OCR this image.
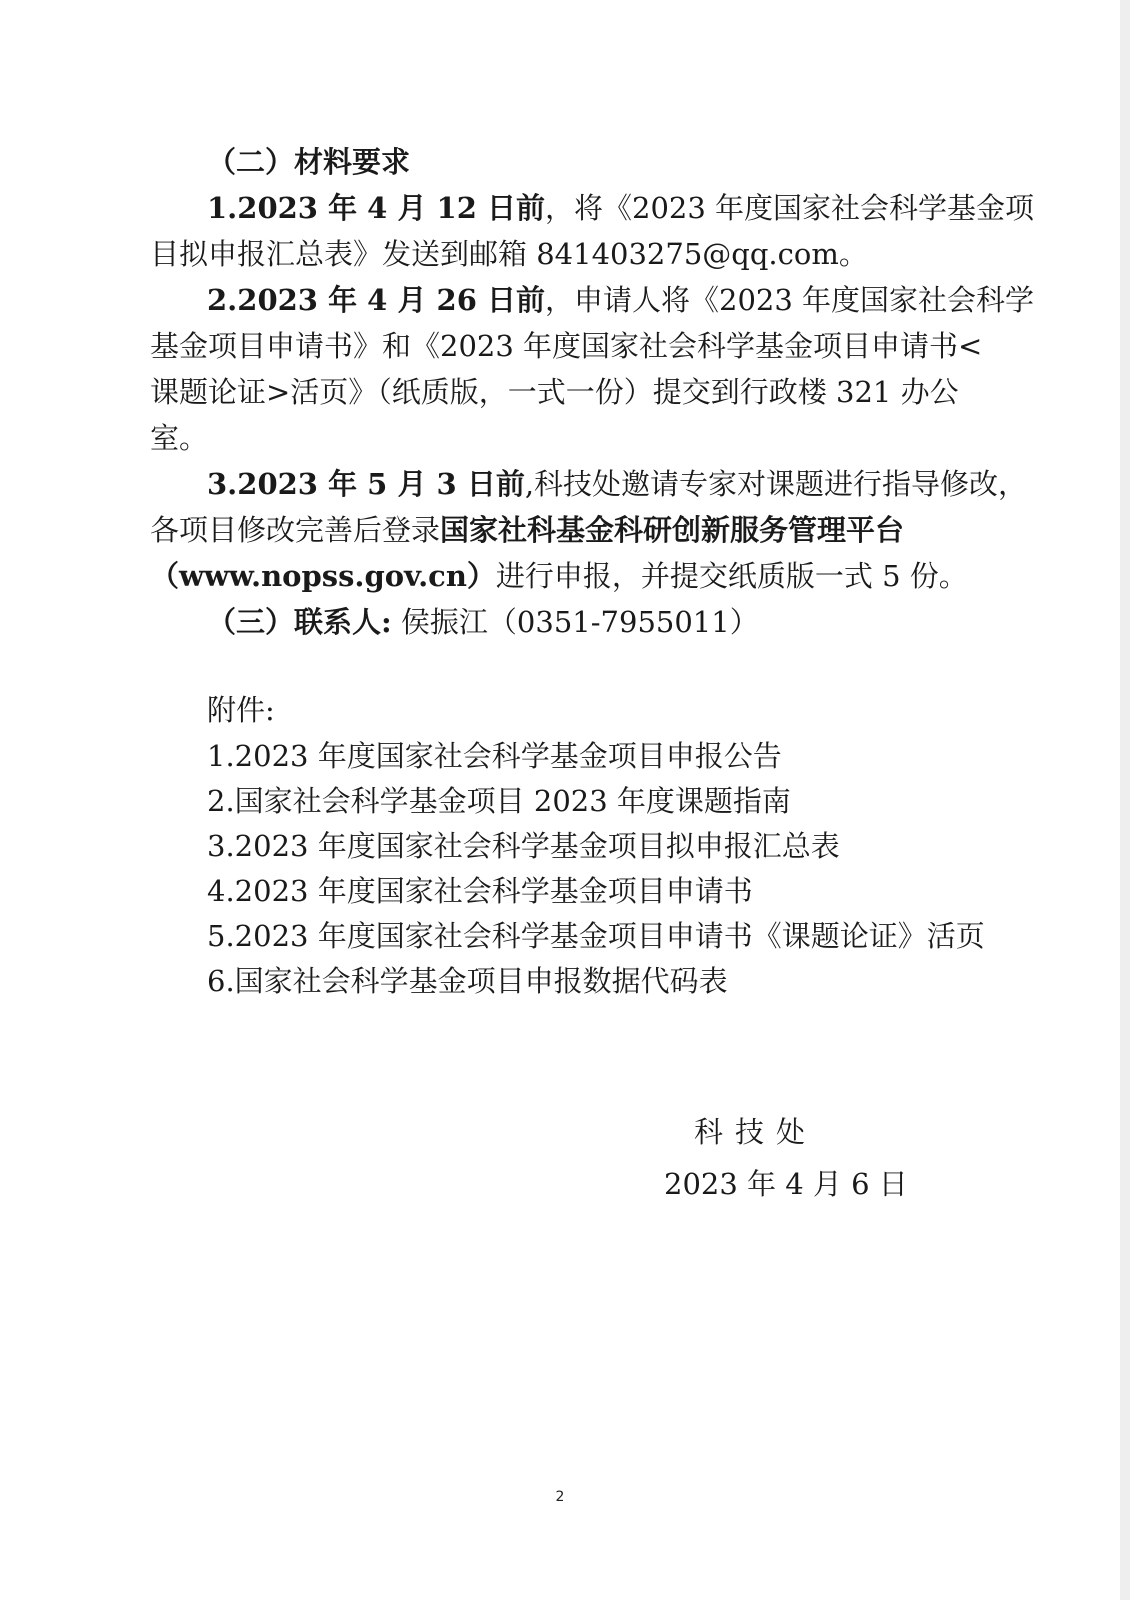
（二）材料要求
1.2023 年 4 月 12 日前，将《2023 年度国家社会科学基金项
目拟申报汇总表》发送到邮箱 841403275@qq.com。
2.2023 年 4 月 26 日前，申请人将《2023 年度国家社会科学
基金项目申请书》和《2023 年度国家社会科学基金项目申请书<
课题论证>活页》（纸质版，一式一份）提交到行政楼 321 办公
室。
3.2023 年 5 月 3 日前,科技处邀请专家对课题进行指导修改，
各项目修改完善后登录国家社科基金科研创新服务管理平台
（www.nopss.gov.cn）进行申报，并提交纸质版一式 5 份。
（三）联系人: 侯振江（0351-7955011）
附件:
1.2023 年度国家社会科学基金项目申报公告
2.国家社会科学基金项目 2023 年度课题指南
3.2023 年度国家社会科学基金项目拟申报汇总表
4.2023 年度国家社会科学基金项目申请书
5.2023 年度国家社会科学基金项目申请书《课题论证》活页
6.国家社会科学基金项目申报数据代码表
科技处
2023 年 4 月 6 日
2
